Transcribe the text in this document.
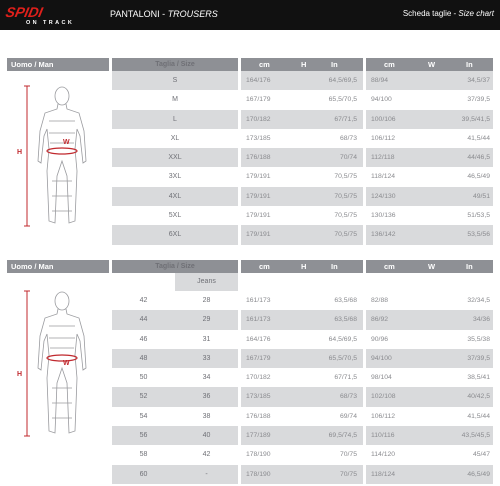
SPIDI
ON TRACK
PANTALONI - TROUSERS	Scheda taglie - Size chart
Uomo / Man
H
W
Taglia / Size	cm	H	In	cm	W	In
S	164/176	64,5/69,5	88/94	34,5/37
M	167/179	65,5/70,5	94/100	37/39,5
L	170/182	67/71,5	100/106	39,5/41,5
XL	173/185	68/73	106/112	41,5/44
XXL	176/188	70/74	112/118	44/46,5
3XL	179/191	70,5/75	118/124	46,5/49
4XL	179/191	70,5/75	124/130	49/51
5XL	179/191	70,5/75	130/136	51/53,5
6XL	179/191	70,5/75	136/142	53,5/56
Uomo / Man
H
W
Taglia / Size	cm	H	In	cm	W	In
Jeans
42	28	161/173	63,5/68	82/88	32/34,5
44	29	161/173	63,5/68	86/92	34/36
46	31	164/176	64,5/69,5	90/96	35,5/38
48	33	167/179	65,5/70,5	94/100	37/39,5
50	34	170/182	67/71,5	98/104	38,5/41
52	36	173/185	68/73	102/108	40/42,5
54	38	176/188	69/74	106/112	41,5/44
56	40	177/189	69,5/74,5	110/116	43,5/45,5
58	42	178/190	70/75	114/120	45/47
60	-	178/190	70/75	118/124	46,5/49
